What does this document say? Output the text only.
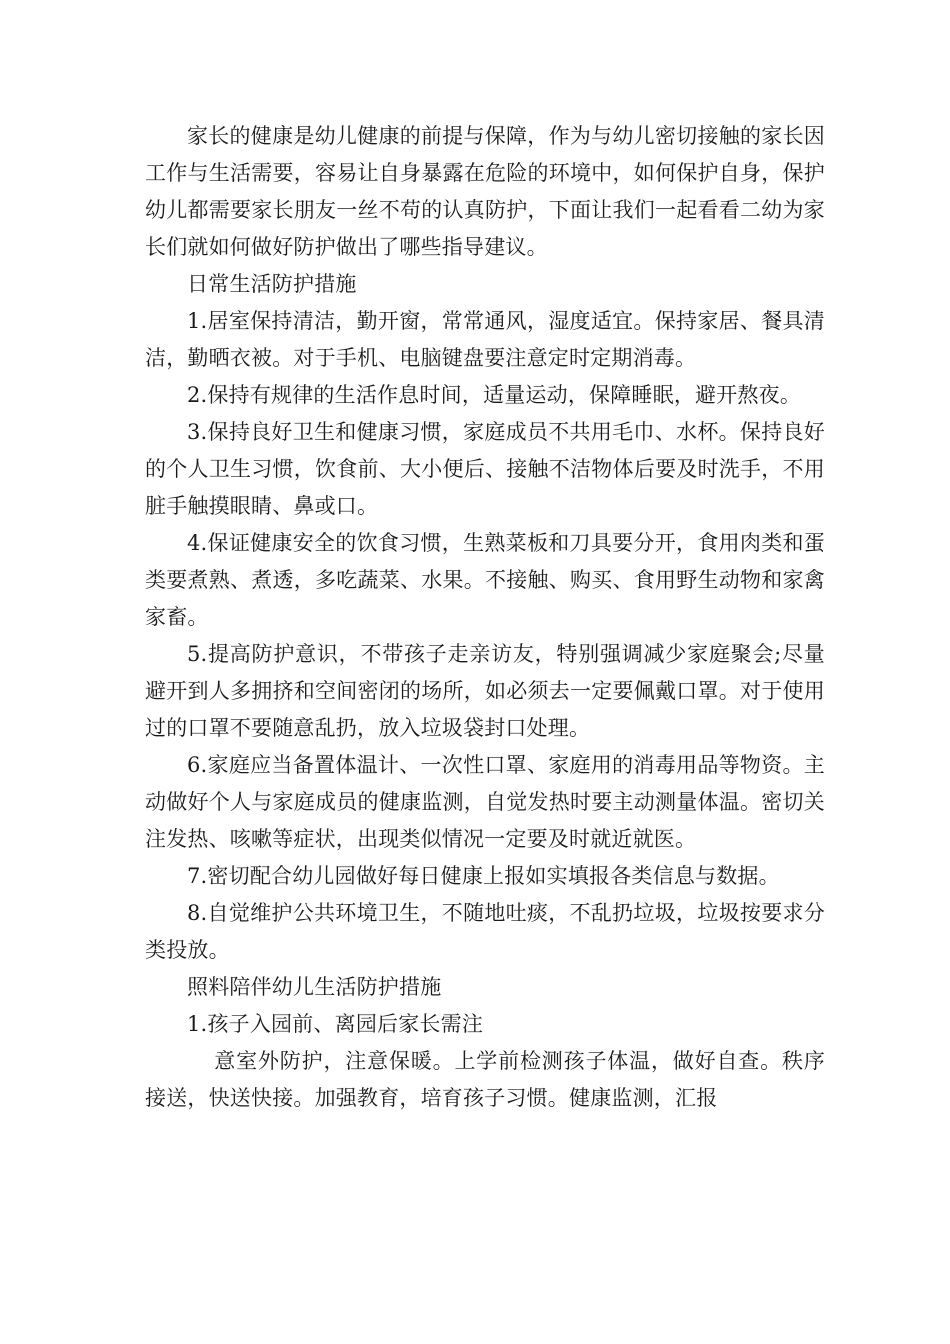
家长的健康是幼儿健康的前提与保障，作为与幼儿密切接触的家长因工作与生活需要，容易让自身暴露在危险的环境中，如何保护自身，保护幼儿都需要家长朋友一丝不苟的认真防护，下面让我们一起看看二幼为家长们就如何做好防护做出了哪些指导建议。

日常生活防护措施

1.居室保持清洁，勤开窗，常常通风，湿度适宜。保持家居、餐具清洁，勤晒衣被。对于手机、电脑键盘要注意定时定期消毒。

2.保持有规律的生活作息时间，适量运动，保障睡眠，避开熬夜。

3.保持良好卫生和健康习惯，家庭成员不共用毛巾、水杯。保持良好的个人卫生习惯，饮食前、大小便后、接触不洁物体后要及时洗手，不用脏手触摸眼睛、鼻或口。

4.保证健康安全的饮食习惯，生熟菜板和刀具要分开，食用肉类和蛋类要煮熟、煮透，多吃蔬菜、水果。不接触、购买、食用野生动物和家禽家畜。

5.提高防护意识，不带孩子走亲访友，特别强调减少家庭聚会;尽量避开到人多拥挤和空间密闭的场所，如必须去一定要佩戴口罩。对于使用过的口罩不要随意乱扔，放入垃圾袋封口处理。

6.家庭应当备置体温计、一次性口罩、家庭用的消毒用品等物资。主动做好个人与家庭成员的健康监测，自觉发热时要主动测量体温。密切关注发热、咳嗽等症状，出现类似情况一定要及时就近就医。

7.密切配合幼儿园做好每日健康上报如实填报各类信息与数据。

8.自觉维护公共环境卫生，不随地吐痰，不乱扔垃圾，垃圾按要求分类投放。

照料陪伴幼儿生活防护措施

1.孩子入园前、离园后家长需注

意室外防护，注意保暖。上学前检测孩子体温，做好自查。秩序接送，快送快接。加强教育，培育孩子习惯。健康监测，汇报
